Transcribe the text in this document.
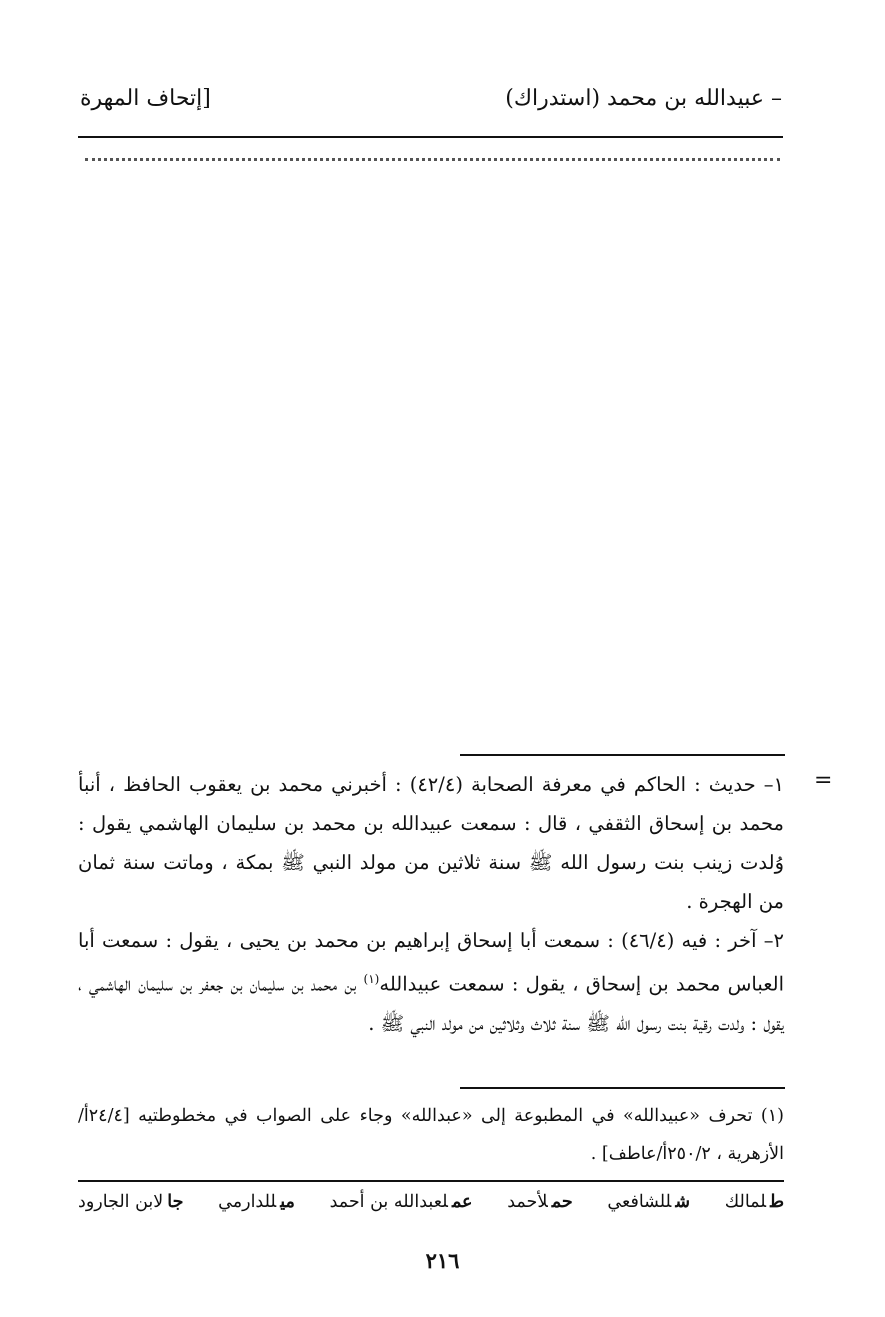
– عبيدالله بن محمد (استدراك)
[إتحاف المهرة
=

١– حديث : الحاكم في معرفة الصحابة (٤٢/٤) : أخبرني محمد بن يعقوب الحافظ ، أنبأ محمد بن إسحاق الثقفي ، قال : سمعت عبيدالله بن محمد بن سليمان الهاشمي يقول : وُلدت زينب بنت رسول الله ﷺ سنة ثلاثين من مولد النبي ﷺ بمكة ، وماتت سنة ثمان من الهجرة .

٢– آخر : فيه (٤٦/٤) : سمعت أبا إسحاق إبراهيم بن محمد بن يحيى ، يقول : سمعت أبا العباس محمد بن إسحاق ، يقول : سمعت عبيدالله$^{(١)}$ بن محمد بن سليمان بن جعفر بن سليمان الهاشمي ، يقول : ولدت رقية بنت رسول الله ﷺ سنة ثلاث وثلاثين من مولد النبي ﷺ .

(١) تحرف «عبيدالله» في المطبوعة إلى «عبدالله» وجاء على الصواب في مخطوطتيه [٢٤/٤أ/ الأزهرية ، ٢٥٠/٢أ/عاطف] .

طلمالك
شللشافعي
حملأحمد
عملعبدالله بن أحمد
ميللدارمي
جالابن الجارود
٢١٦
